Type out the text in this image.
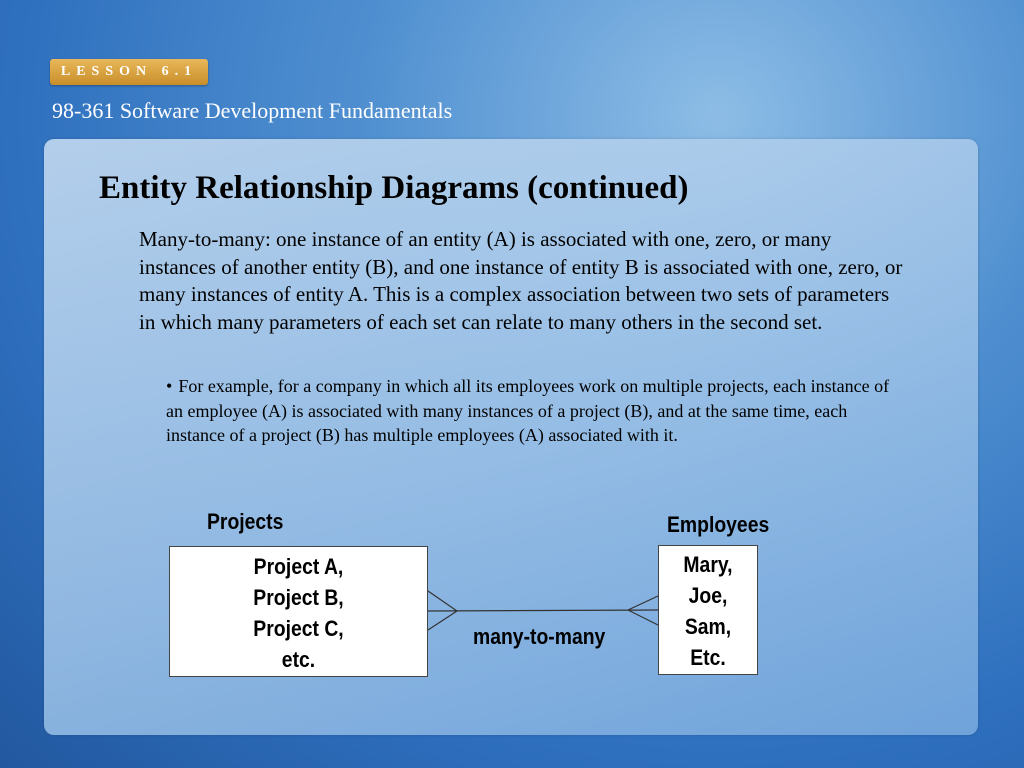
LESSON 6.1
98-361 Software Development Fundamentals
Entity Relationship Diagrams (continued)
Many-to-many: one instance of an entity (A) is associated with one, zero, or many instances of another entity (B), and one instance of entity B is associated with one, zero, or many instances of entity A. This is a complex association between two sets of parameters in which many parameters of each set can relate to many others in the second set.
• For example, for a company in which all its employees work on multiple projects, each instance of an employee (A) is associated with many instances of a project (B), and at the same time, each instance of a project (B) has multiple employees (A) associated with it.
Projects	Employees
Project A,
Project B,
Project C,
etc.
Mary,
Joe,
Sam,
Etc.
many-to-many
